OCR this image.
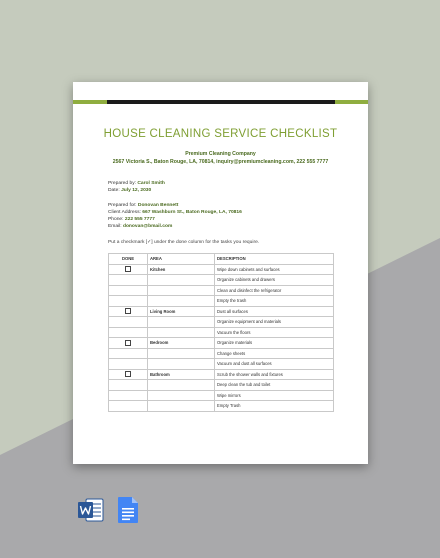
HOUSE CLEANING SERVICE CHECKLIST
Premium Cleaning Company
2567 Victoria S., Baton Rouge, LA, 70814, inquiry@premiumcleaning.com, 222 555 7777
Prepared by: Carol Smith
Date: July 12, 2030
Prepared for: Donovan Bennett
Client Address: 667 Washburn St., Baton Rouge, LA, 70816
Phone: 222 555 7777
Email: donovan@bmail.com
Put a checkmark [✓] under the done column for the tasks you require.
DONE	AREA	DESCRIPTION
	Kitchen	Wipe down cabinets and surfaces
		Organize cabinets and drawers
		Clean and disinfect the refrigerator
		Empty the trash
	Living Room	Dust all surfaces
		Organize equipment and materials
		Vacuum the floors
	Bedroom	Organize materials
		Change sheets
		Vacuum and dust all surfaces
	Bathroom	Scrub the shower walls and fixtures
		Deep clean the tub and toilet
		Wipe mirrors
		Empty Trash
